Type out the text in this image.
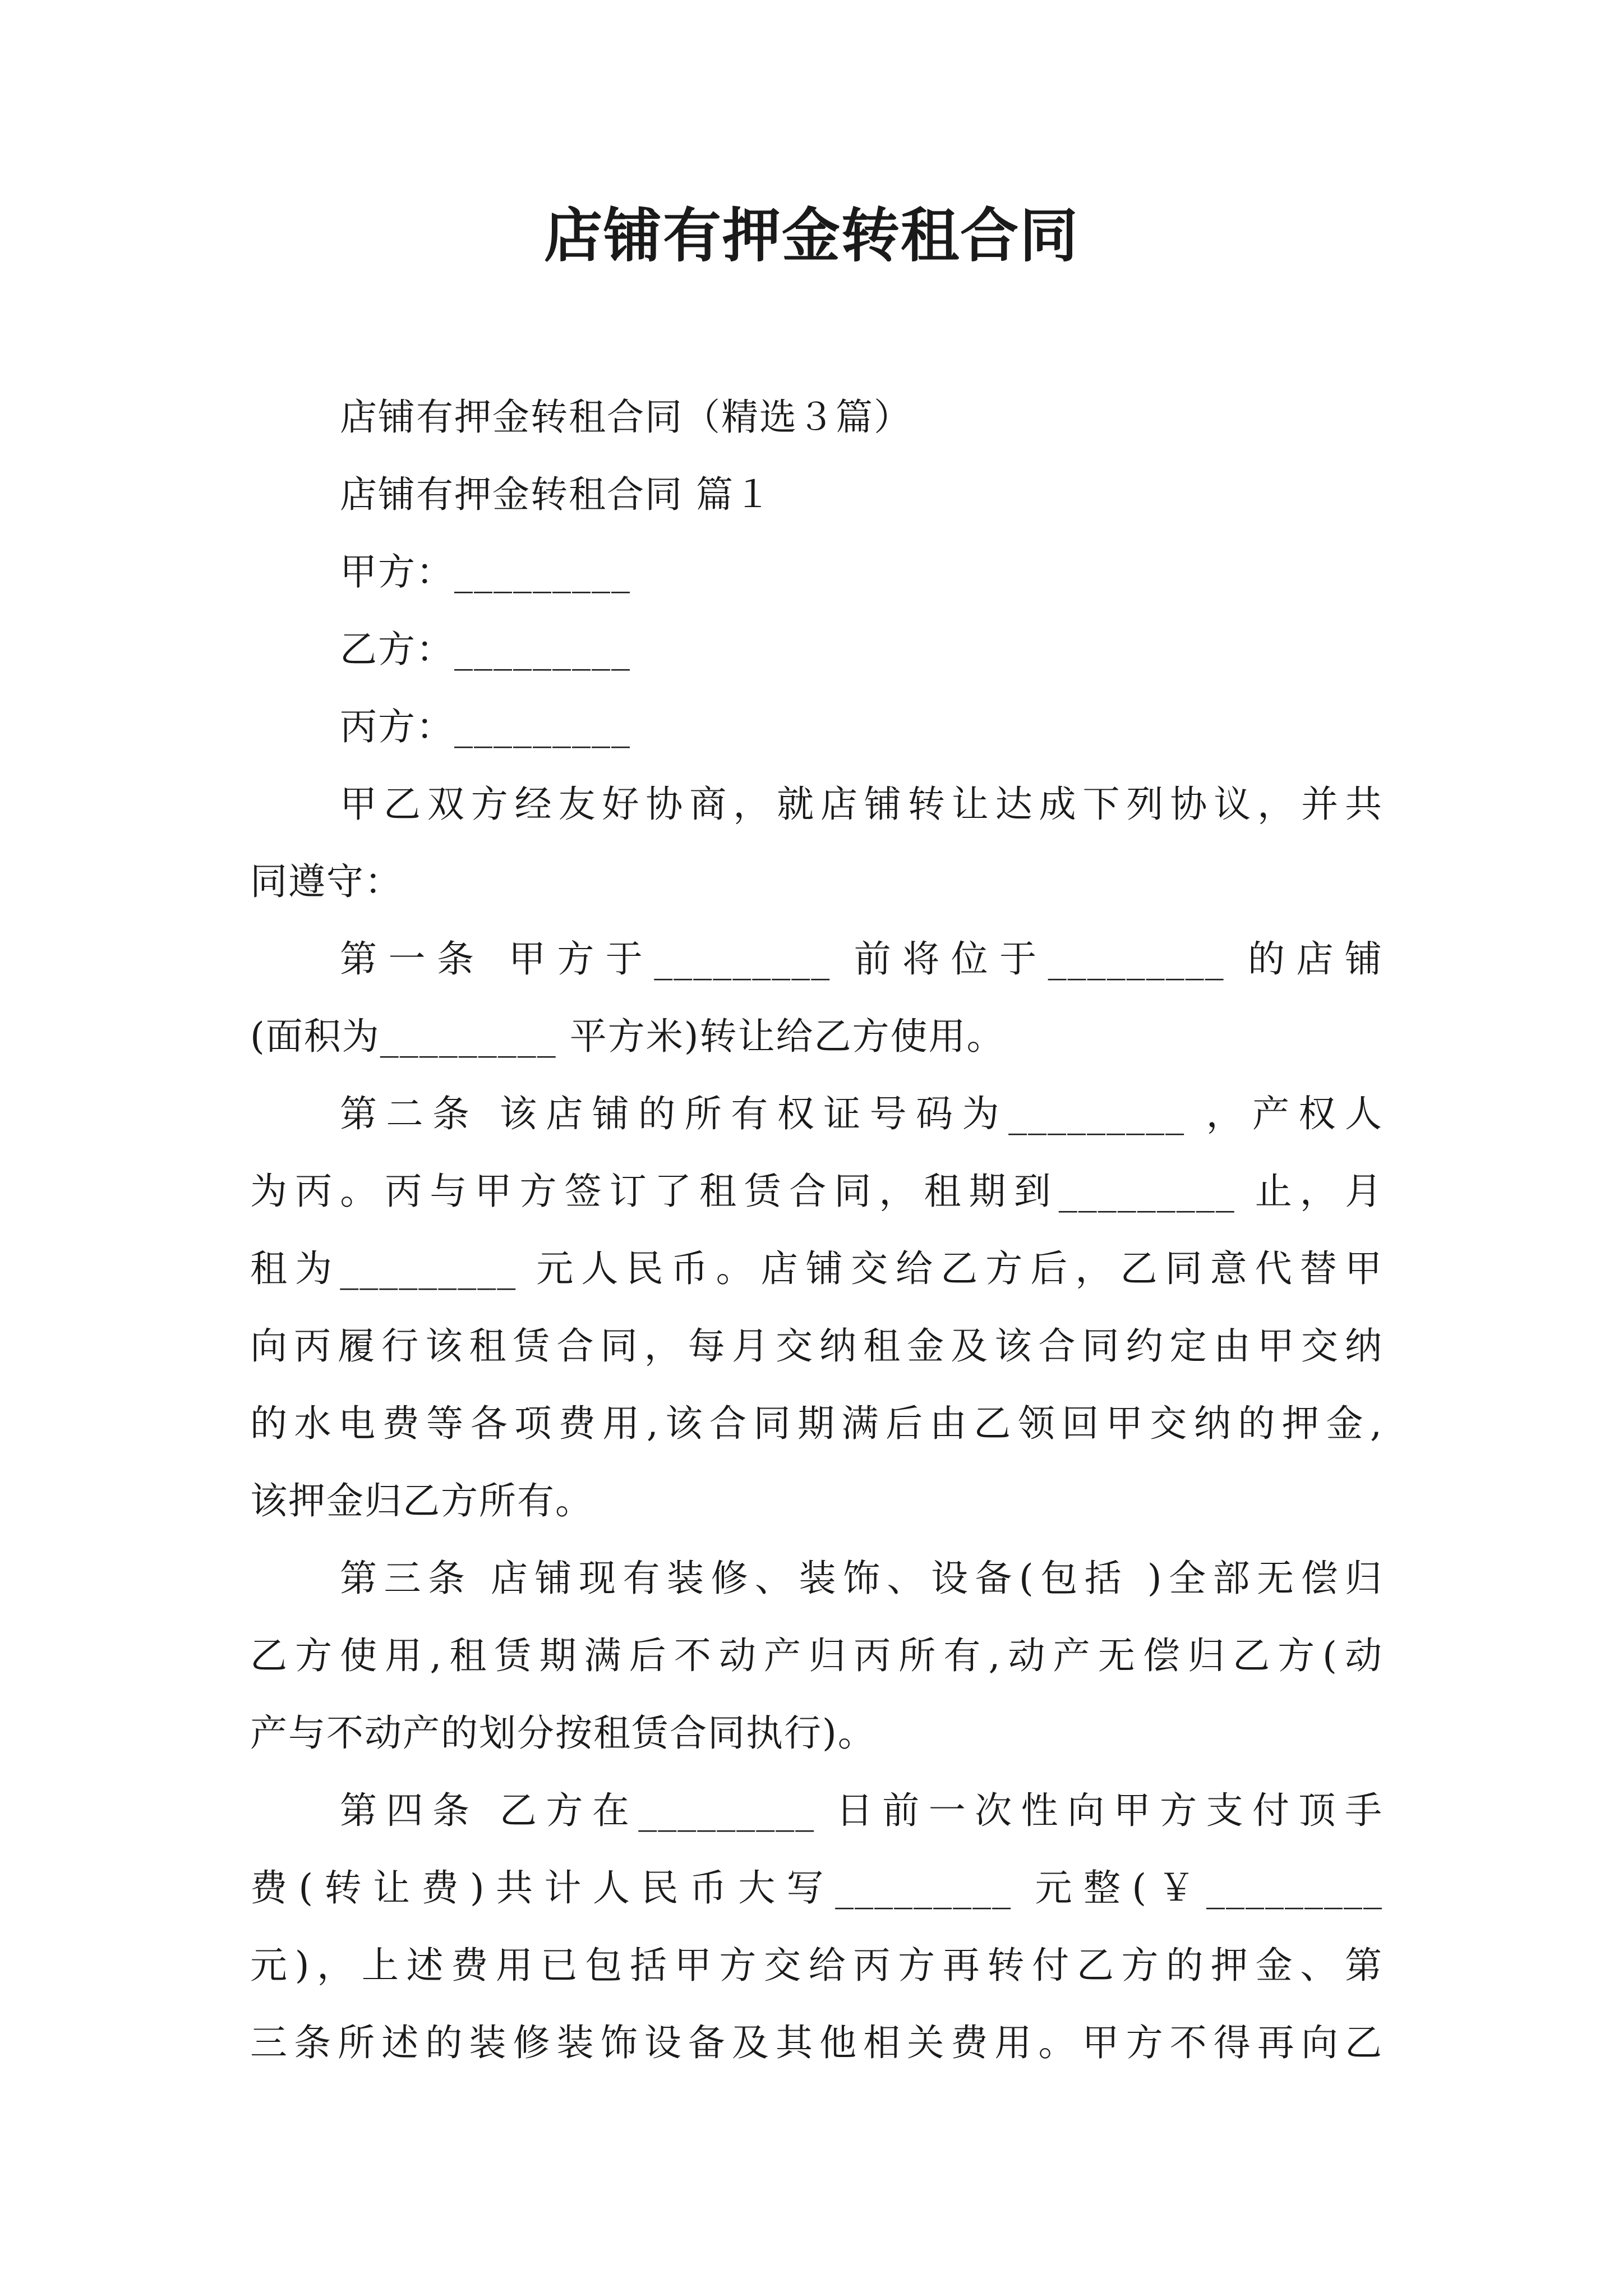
店铺有押金转租合同
店铺有押金转租合同（精选３篇）
店铺有押金转租合同 篇１
甲方：_________
乙方：_________
丙方：_________
甲乙双方经友好协商，就店铺转让达成下列协议，并共
同遵守：
第一条 甲方于_________ 前将位于_________ 的店铺
(面积为_________ 平方米)转让给乙方使用。
第二条 该店铺的所有权证号码为_________ ，产权人
为丙。丙与甲方签订了租赁合同，租期到_________ 止，月
租为_________ 元人民币。店铺交给乙方后，乙同意代替甲
向丙履行该租赁合同，每月交纳租金及该合同约定由甲交纳
的水电费等各项费用,该合同期满后由乙领回甲交纳的押金,
该押金归乙方所有。
第三条 店铺现有装修、装饰、设备(包括 )全部无偿归
乙方使用,租赁期满后不动产归丙所有,动产无偿归乙方(动
产与不动产的划分按租赁合同执行)。
第四条 乙方在_________ 日前一次性向甲方支付顶手
费(转让费)共计人民币大写_________ 元整(￥_________
元)，上述费用已包括甲方交给丙方再转付乙方的押金、第
三条所述的装修装饰设备及其他相关费用。甲方不得再向乙
